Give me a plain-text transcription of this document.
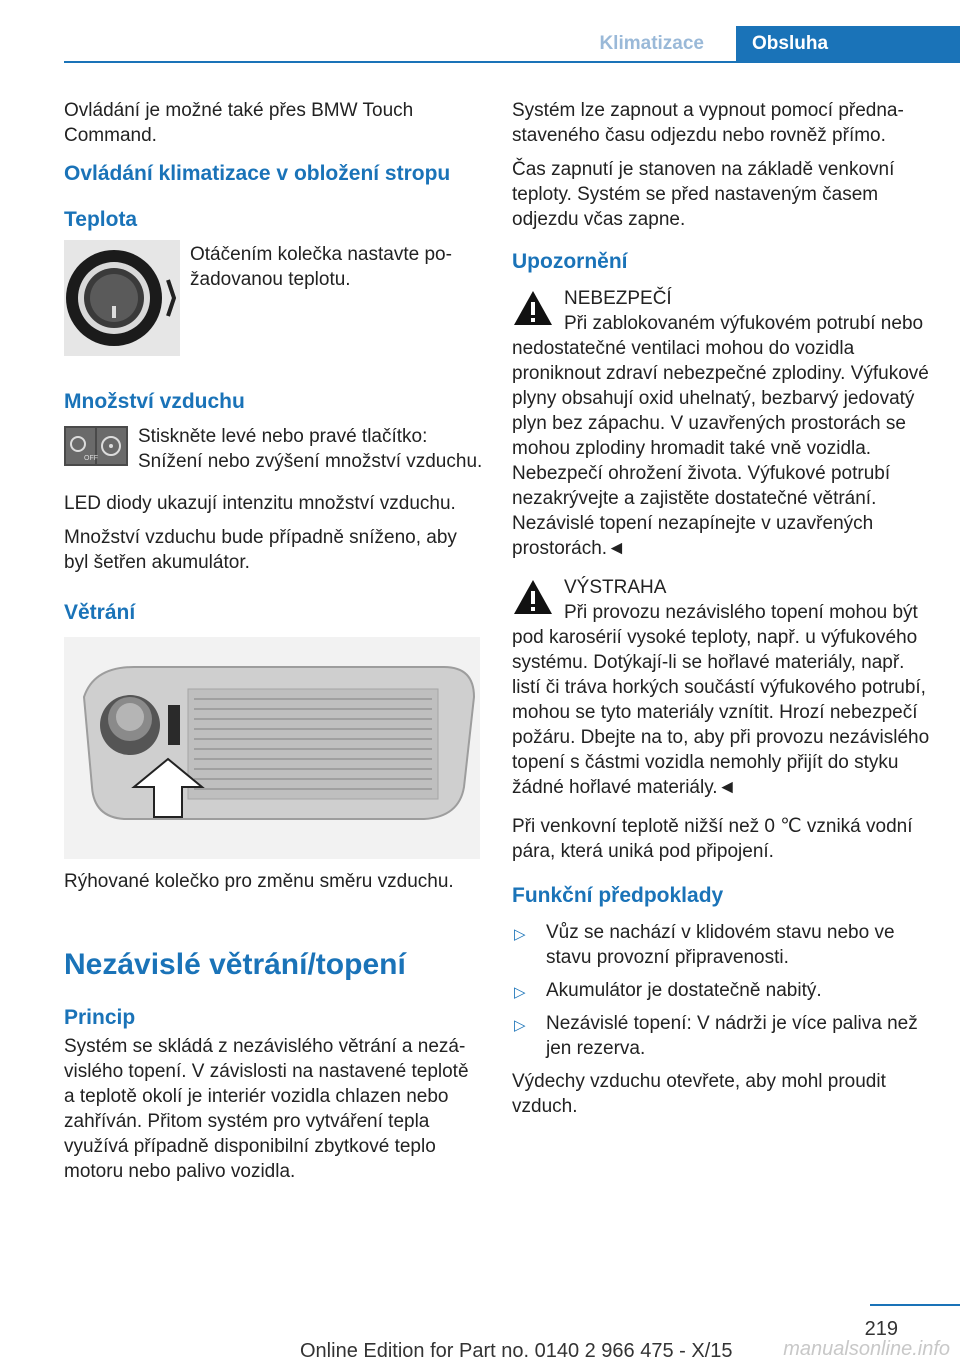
Klimatizace	Obsluha

Ovládání je možné také přes BMW Touch Command.

Ovládání klimatizace v obložení stropu
Teplota

Otáčením kolečka nastavte požadovanou teplotu.

Množství vzduchu
OFF

Stiskněte levé nebo pravé tlačítko: Snížení nebo zvýšení množství vzduchu.

LED diody ukazují intenzitu množství vzduchu.

Množství vzduchu bude případně sníženo, aby byl šetřen akumulátor.

Větrání

Rýhované kolečko pro změnu směru vzduchu.

Nezávislé větrání/topení
Princip

Systém se skládá z nezávislého větrání a nezávislého topení. V závislosti na nastavené teplotě a teplotě okolí je interiér vozidla chlazen nebo zahříván. Přitom systém pro vytváření tepla využívá případně disponibilní zbytkové teplo motoru nebo palivo vozidla.

Systém lze zapnout a vypnout pomocí přednastaveného času odjezdu nebo rovněž přímo.

Čas zapnutí je stanoven na základě venkovní teploty. Systém se před nastaveným časem odjezdu včas zapne.

Upozornění

NEBEZPEČÍ

Při zablokovaném výfukovém potrubí nebo nedostatečné ventilaci mohou do vozidla proniknout zdraví nebezpečné zplodiny. Výfukové plyny obsahují oxid uhelnatý, bezbarvý jedovatý plyn bez zápachu. V uzavřených prostorách se mohou zplodiny hromadit také vně vozidla. Nebezpečí ohrožení života. Výfukové potrubí nezakrývejte a zajistěte dostatečné větrání. Nezávislé topení nezapínejte v uzavřených prostorách.◄

VÝSTRAHA

Při provozu nezávislého topení mohou být pod karosérií vysoké teploty, např. u výfukového systému. Dotýkají-li se hořlavé materiály, např. listí či tráva horkých součástí výfukového potrubí, mohou se tyto materiály vznítit. Hrozí nebezpečí požáru. Dbejte na to, aby při provozu nezávislého topení s částmi vozidla nemohly přijít do styku žádné hořlavé materiály.◄

Při venkovní teplotě nižší než 0 ℃ vzniká vodní pára, která uniká pod připojení.

Funkční předpoklady
▷ Vůz se nachází v klidovém stavu nebo ve stavu provozní připravenosti.
▷ Akumulátor je dostatečně nabitý.
▷ Nezávislé topení: V nádrži je více paliva než jen rezerva.

Výdechy vzduchu otevřete, aby mohl proudit vzduch.

219
Online Edition for Part no. 0140 2 966 475 - X/15	manualsonline.info
